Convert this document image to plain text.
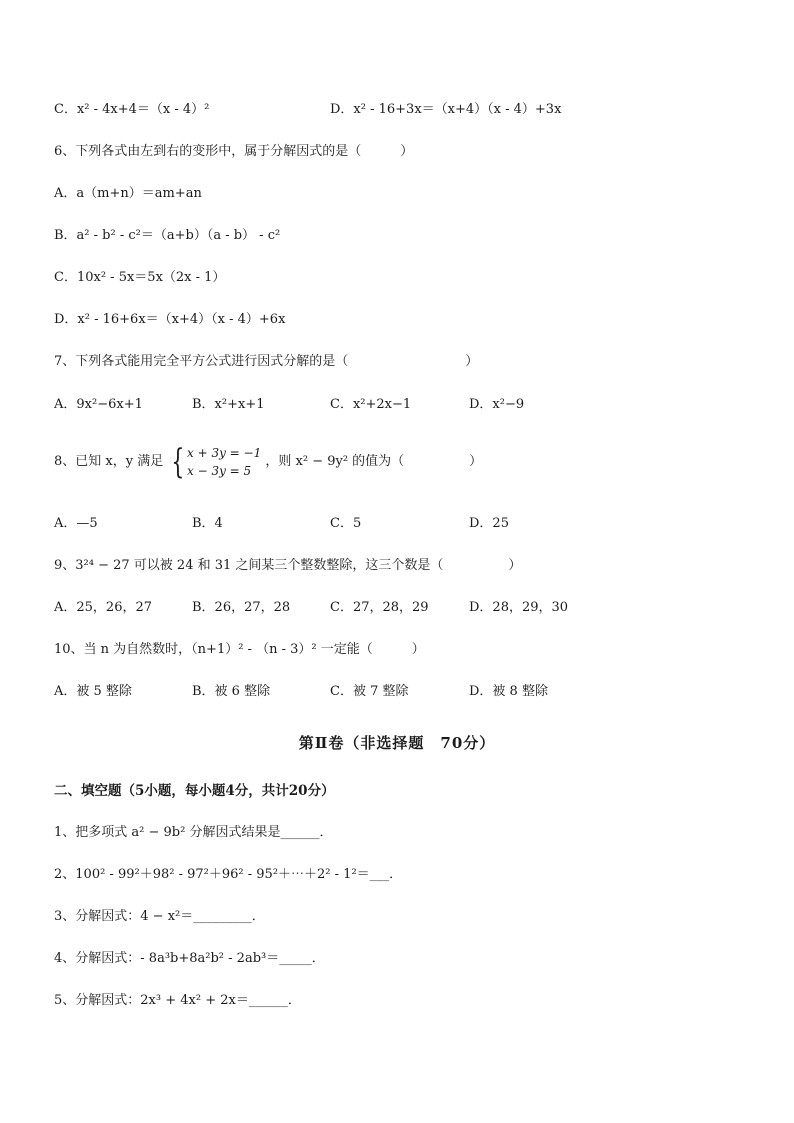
C．x² - 4x+4＝（x - 4）²	D．x² - 16+3x＝（x+4）（x - 4）+3x
6、下列各式由左到右的变形中，属于分解因式的是（　　　）
A．a（m+n）＝am+an
B．a² - b² - c²＝（a+b）（a - b） - c²
C．10x² - 5x＝5x（2x - 1）
D．x² - 16+6x＝（x+4）（x - 4）+6x
7、下列各式能用完全平方公式进行因式分解的是（　　　　　　　　　）
A．9x²−6x+1	B．x²+x+1	C．x²+2x−1	D．x²−9
8、已知 x，y 满足 { x + 3y = −1
x − 3y = 5
，则 x² − 9y² 的值为（　　　　　）
A．—5	B．4	C．5	D．25
9、3²⁴ − 27 可以被 24 和 31 之间某三个整数整除，这三个数是（　　　　　）
A．25，26，27	B．26，27，28	C．27，28，29	D．28，29，30
10、当 n 为自然数时，（n+1）² - （n - 3）² 一定能（　　　）
A．被 5 整除	B．被 6 整除	C．被 7 整除	D．被 8 整除
第Ⅱ卷（非选择题　70分）
二、填空题（5小题，每小题4分，共计20分）
1、把多项式 a² − 9b² 分解因式结果是______．
2、100² - 99²＋98² - 97²＋96² - 95²＋⋯＋2² - 1²＝___．
3、分解因式：4 − x²＝_________．
4、分解因式：- 8a³b+8a²b² - 2ab³＝_____．
5、分解因式：2x³ + 4x² + 2x＝______．
